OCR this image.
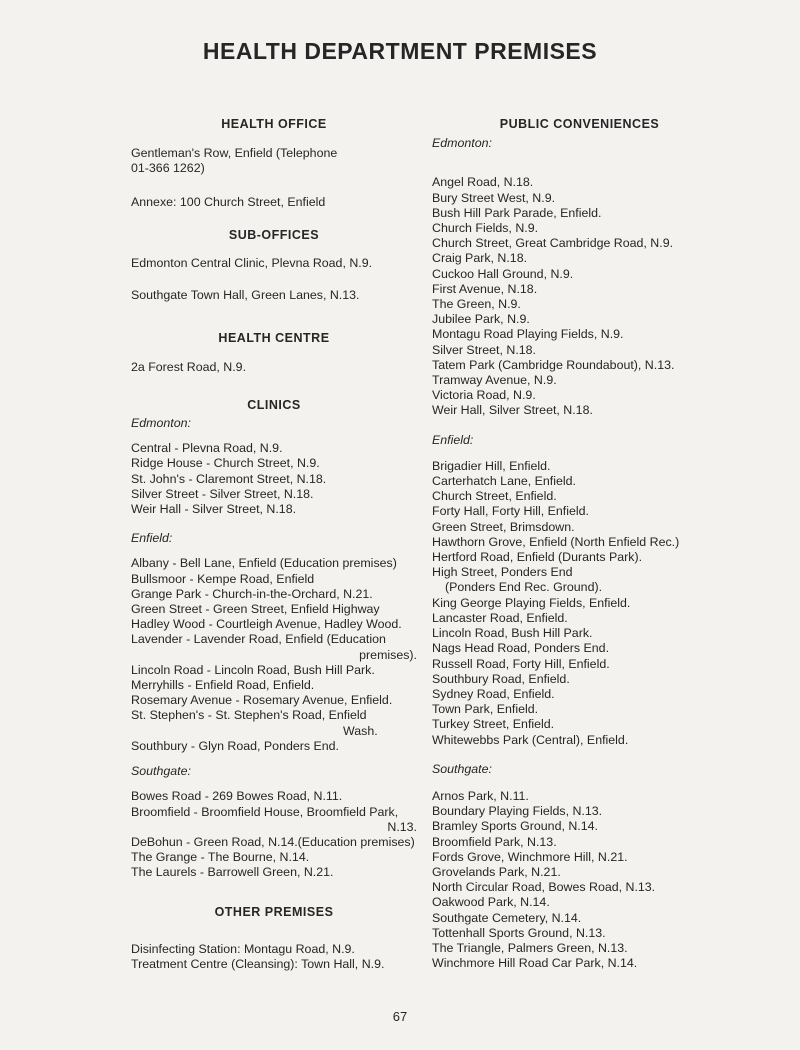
HEALTH DEPARTMENT PREMISES

HEALTH OFFICE

Gentleman's Row, Enfield (Telephone

01-366 1262)

Annexe: 100 Church Street, Enfield

SUB-OFFICES

Edmonton Central Clinic, Plevna Road, N.9.

Southgate Town Hall, Green Lanes, N.13.

HEALTH CENTRE

2a Forest Road, N.9.

CLINICS

Edmonton:

Central - Plevna Road, N.9.

Ridge House - Church Street, N.9.

St. John's - Claremont Street, N.18.

Silver Street - Silver Street, N.18.

Weir Hall - Silver Street, N.18.

Enfield:

Albany - Bell Lane, Enfield (Education premises)

Bullsmoor - Kempe Road, Enfield

Grange Park - Church-in-the-Orchard, N.21.

Green Street - Green Street, Enfield Highway

Hadley Wood - Courtleigh Avenue, Hadley Wood.

Lavender - Lavender Road, Enfield (Education

premises).

Lincoln Road - Lincoln Road, Bush Hill Park.

Merryhills - Enfield Road, Enfield.

Rosemary Avenue - Rosemary Avenue, Enfield.

St. Stephen's - St. Stephen's Road, Enfield

Wash.

Southbury - Glyn Road, Ponders End.

Southgate:

Bowes Road - 269 Bowes Road, N.11.

Broomfield - Broomfield House, Broomfield Park,

N.13.

DeBohun - Green Road, N.14.(Education premises)

The Grange - The Bourne, N.14.

The Laurels - Barrowell Green, N.21.

OTHER PREMISES

Disinfecting Station: Montagu Road, N.9.

Treatment Centre (Cleansing): Town Hall, N.9.

PUBLIC CONVENIENCES

Edmonton:

Angel Road, N.18.

Bury Street West, N.9.

Bush Hill Park Parade, Enfield.

Church Fields, N.9.

Church Street, Great Cambridge Road, N.9.

Craig Park, N.18.

Cuckoo Hall Ground, N.9.

First Avenue, N.18.

The Green, N.9.

Jubilee Park, N.9.

Montagu Road Playing Fields, N.9.

Silver Street, N.18.

Tatem Park (Cambridge Roundabout), N.13.

Tramway Avenue, N.9.

Victoria Road, N.9.

Weir Hall, Silver Street, N.18.

Enfield:

Brigadier Hill, Enfield.

Carterhatch Lane, Enfield.

Church Street, Enfield.

Forty Hall, Forty Hill, Enfield.

Green Street, Brimsdown.

Hawthorn Grove, Enfield (North Enfield Rec.)

Hertford Road, Enfield (Durants Park).

High Street, Ponders End

(Ponders End Rec. Ground).

King George Playing Fields, Enfield.

Lancaster Road, Enfield.

Lincoln Road, Bush Hill Park.

Nags Head Road, Ponders End.

Russell Road, Forty Hill, Enfield.

Southbury Road, Enfield.

Sydney Road, Enfield.

Town Park, Enfield.

Turkey Street, Enfield.

Whitewebbs Park (Central), Enfield.

Southgate:

Arnos Park, N.11.

Boundary Playing Fields, N.13.

Bramley Sports Ground, N.14.

Broomfield Park, N.13.

Fords Grove, Winchmore Hill, N.21.

Grovelands Park, N.21.

North Circular Road, Bowes Road, N.13.

Oakwood Park, N.14.

Southgate Cemetery, N.14.

Tottenhall Sports Ground, N.13.

The Triangle, Palmers Green, N.13.

Winchmore Hill Road Car Park, N.14.

67
